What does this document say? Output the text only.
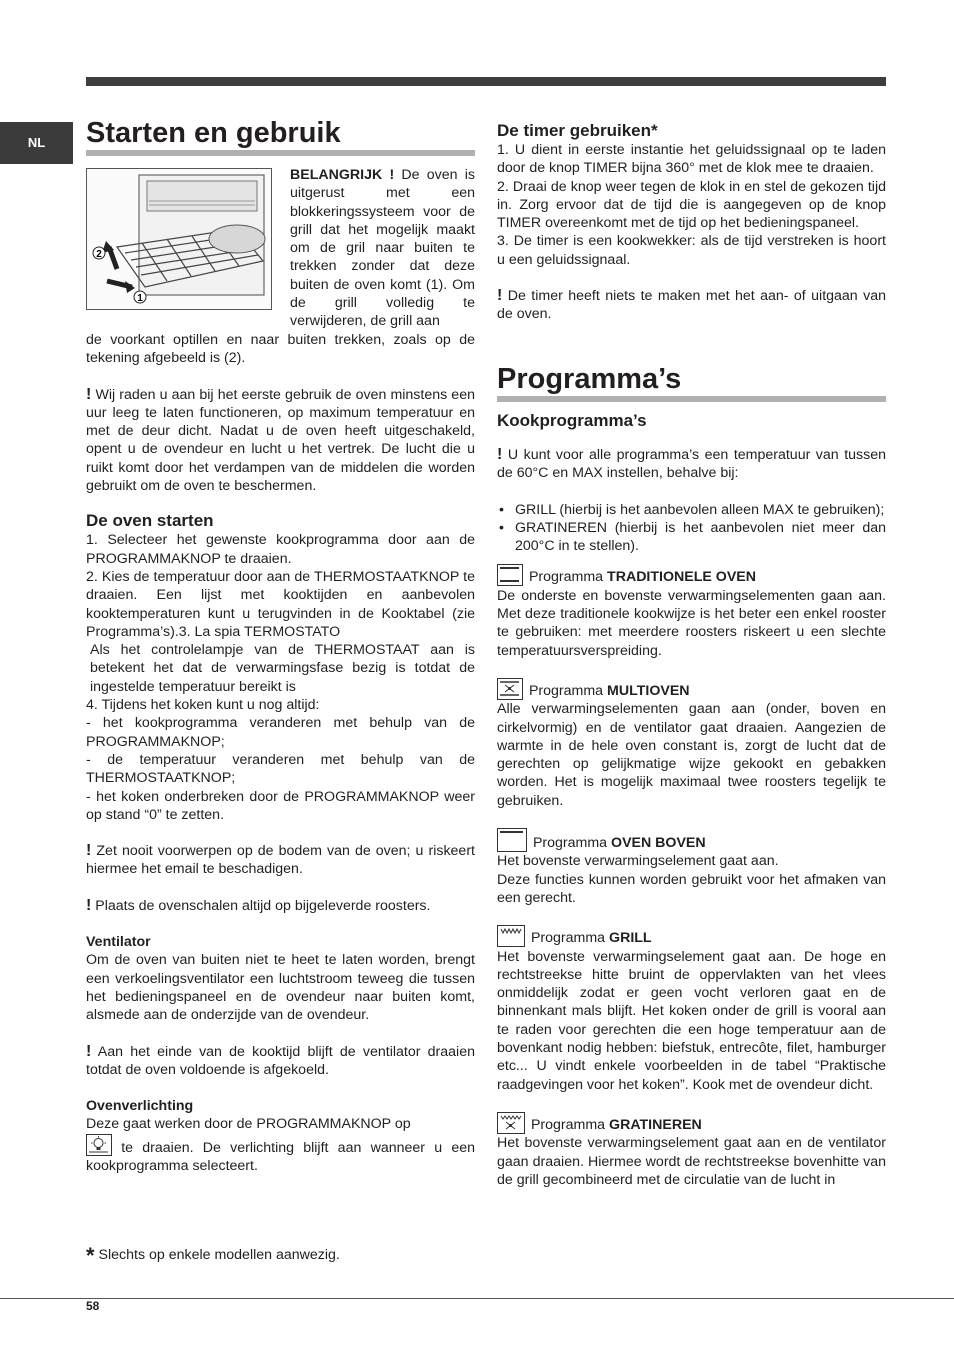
NL	Starten en gebruik
2
1
BELANGRIJK ! De oven is uitgerust met een blokkeringssysteem voor de grill dat het mogelijk maakt om de gril naar buiten te trekken zonder dat deze buiten de oven komt (1). Om de grill volledig te verwijderen, de grill aan

de voorkant optillen en naar buiten trekken, zoals op de tekening afgebeeld is (2).

! Wij raden u aan bij het eerste gebruik de oven minstens een uur leeg te laten functioneren, op maximum temperatuur en met de deur dicht. Nadat u de oven heeft uitgeschakeld, opent u de ovendeur en lucht u het vertrek. De lucht die u ruikt komt door het verdampen van de middelen die worden gebruikt om de oven te beschermen.

De oven starten

1. Selecteer het gewenste kookprogramma door aan de PROGRAMMAKNOP te draaien.

2. Kies de temperatuur door aan de THERMOSTAATKNOP te draaien. Een lijst met kooktijden en aanbevolen kooktemperaturen kunt u terugvinden in de Kooktabel (zie Programma’s).3. La spia TERMOSTATO

Als het controlelampje van de THERMOSTAAT aan is betekent het dat de verwarmingsfase bezig is totdat de ingestelde temperatuur bereikt is

4. Tijdens het koken kunt u nog altijd:

- het kookprogramma veranderen met behulp van de PROGRAMMAKNOP;

- de temperatuur veranderen met behulp van de THERMOSTAATKNOP;

- het koken onderbreken door de PROGRAMMAKNOP weer op stand “0” te zetten.

! Zet nooit voorwerpen op de bodem van de oven; u riskeert hiermee het email te beschadigen.

! Plaats de ovenschalen altijd op bijgeleverde roosters.

Ventilator

Om de oven van buiten niet te heet te laten worden, brengt een verkoelingsventilator een luchtstroom teweeg die tussen het bedieningspaneel en de ovendeur naar buiten komt, alsmede aan de onderzijde van de ovendeur.

! Aan het einde van de kooktijd blijft de ventilator draaien totdat de oven voldoende is afgekoeld.

Ovenverlichting

Deze gaat werken door de PROGRAMMAKNOP op

te draaien. De verlichting blijft aan wanneer u een kookprogramma selecteert.

De timer gebruiken*

1. U dient in eerste instantie het geluidssignaal op te laden door de knop TIMER bijna 360° met de klok mee te draaien.

2. Draai de knop weer tegen de klok in en stel de gekozen tijd in. Zorg ervoor dat de tijd die is aangegeven op de knop TIMER overeenkomt met de tijd op het bedieningspaneel.

3. De timer is een kookwekker: als de tijd verstreken is hoort u een geluidssignaal.

! De timer heeft niets te maken met het aan- of uitgaan van de oven.

Programma’s

Kookprogramma’s

! U kunt voor alle programma’s een temperatuur van tussen de 60°C en MAX instellen, behalve bij:

• GRILL (hierbij is het aanbevolen alleen MAX te gebruiken);
• GRATINEREN (hierbij is het aanbevolen niet meer dan 200°C in te stellen).

Programma TRADITIONELE OVEN

De onderste en bovenste verwarmingselementen gaan aan. Met deze traditionele kookwijze is het beter een enkel rooster te gebruiken: met meerdere roosters riskeert u een slechte temperatuursverspreiding.

Programma MULTIOVEN

Alle verwarmingselementen gaan aan (onder, boven en cirkelvormig) en de ventilator gaat draaien. Aangezien de warmte in de hele oven constant is, zorgt de lucht dat de gerechten op gelijkmatige wijze gekookt en gebakken worden. Het is mogelijk maximaal twee roosters tegelijk te gebruiken.

Programma OVEN BOVEN

Het bovenste verwarmingselement gaat aan.

Deze functies kunnen worden gebruikt voor het afmaken van een gerecht.

Programma GRILL

Het bovenste verwarmingselement gaat aan. De hoge en rechtstreekse hitte bruint de oppervlakten van het vlees onmiddelijk zodat er geen vocht verloren gaat en de binnenkant mals blijft. Het koken onder de grill is vooral aan te raden voor gerechten die een hoge temperatuur aan de bovenkant nodig hebben: biefstuk, entrecôte, filet, hamburger etc... U vindt enkele voorbeelden in de tabel “Praktische raadgevingen voor het koken”. Kook met de ovendeur dicht.

Programma GRATINEREN

Het bovenste verwarmingselement gaat aan en de ventilator gaan draaien. Hiermee wordt de rechtstreekse bovenhitte van de grill gecombineerd met de circulatie van de lucht in

* Slechts op enkele modellen aanwezig.
58
